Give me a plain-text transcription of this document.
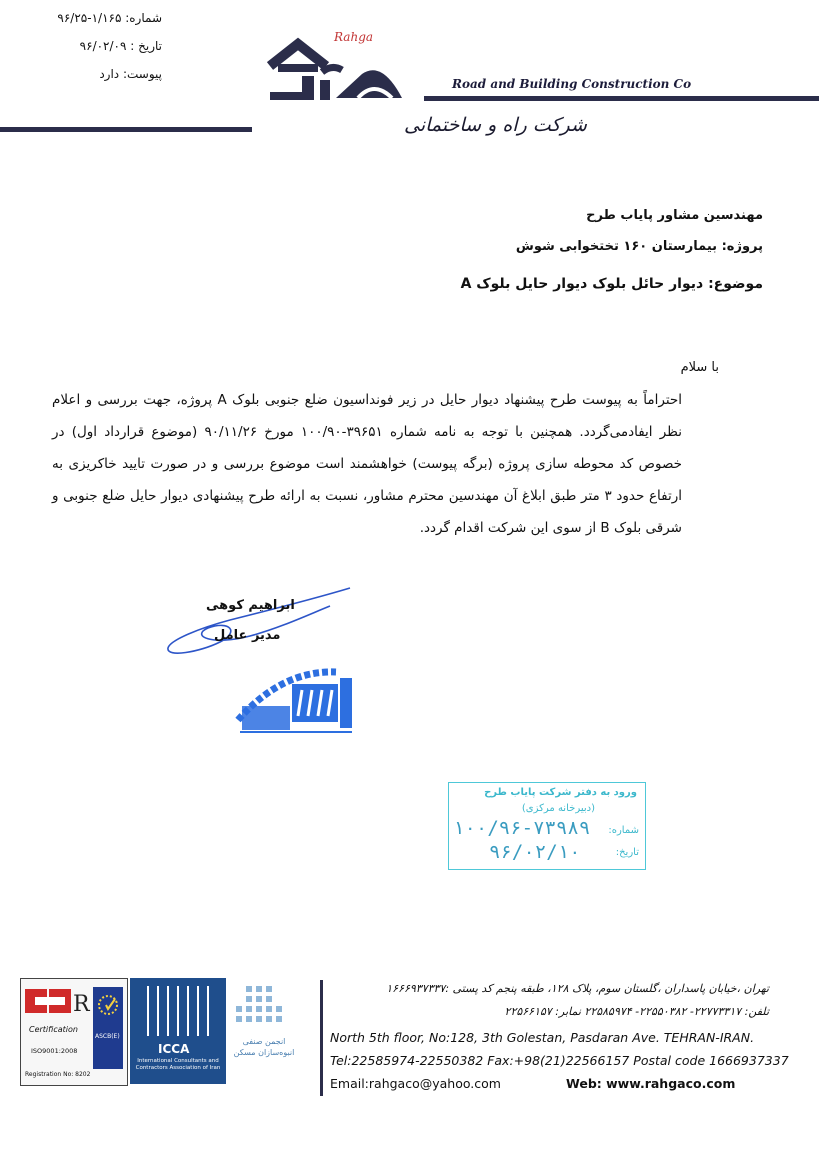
شماره: ۱/۱۶۵-۹۶/۲۵
تاریخ : ۹۶/۰۲/۰۹
پیوست: دارد
Rahga
Road and Building Construction Co
شرکت راه و ساختمانی
مهندسین مشاور پایاب طرح
پروژه: بیمارستان ۱۶۰ تختخوابی شوش
موضوع: دیوار حائل بلوک دیوار حایل بلوک A
با سلام
احتراماً به پیوست طرح پیشنهاد دیوار حایل در زیر فونداسیون ضلع جنوبی بلوک A پروژه، جهت بررسی و اعلام نظر ایفادمی‌گردد. همچنین با توجه به نامه شماره ۳۹۶۵۱-۱۰۰/۹۰ مورخ ۹۰/۱۱/۲۶ (موضوع قرارداد اول) در خصوص کد محوطه سازی پروژه (برگه پیوست) خواهشمند است موضوع بررسی و در صورت تایید خاکریزی به ارتفاع حدود ۳ متر طبق ابلاغ آن مهندسین محترم مشاور، نسبت به ارائه طرح پیشنهادی دیوار حایل ضلع جنوبی و شرقی بلوک B از سوی این شرکت اقدام گردد.
ابراهیم کوهی
مدیر عامل
ورود به دفتر شرکت پایاب طرح
(دبیرخانه مرکزی)
شماره:
تاریخ:
۱۰۰/۹۶-۷۳۹۸۹
۹۶/۰۲/۱۰
R
Certification
ISO9001:2008
Registration No: 8202
ASCB(E)
ICCA
International Consultants and Contractors Association of Iran
انجمن صنفی انبوه‌سازان مسکن
تهران ،خیابان پاسداران ،گلستان سوم، پلاک ۱۲۸، طبقه پنجم کد پستی :۱۶۶۶۹۳۷۳۳۷
تلفن: ۲۲۷۷۳۳۱۷- ۲۲۵۵۰۳۸۲- ۲۲۵۸۵۹۷۴ نمابر: ۲۲۵۶۶۱۵۷
North 5th floor, No:128, 3th Golestan, Pasdaran Ave. TEHRAN-IRAN.
Tel:22585974-22550382 Fax:+98(21)22566157 Postal code 1666937337
Email:rahgaco@yahoo.com	Web: www.rahgaco.com
